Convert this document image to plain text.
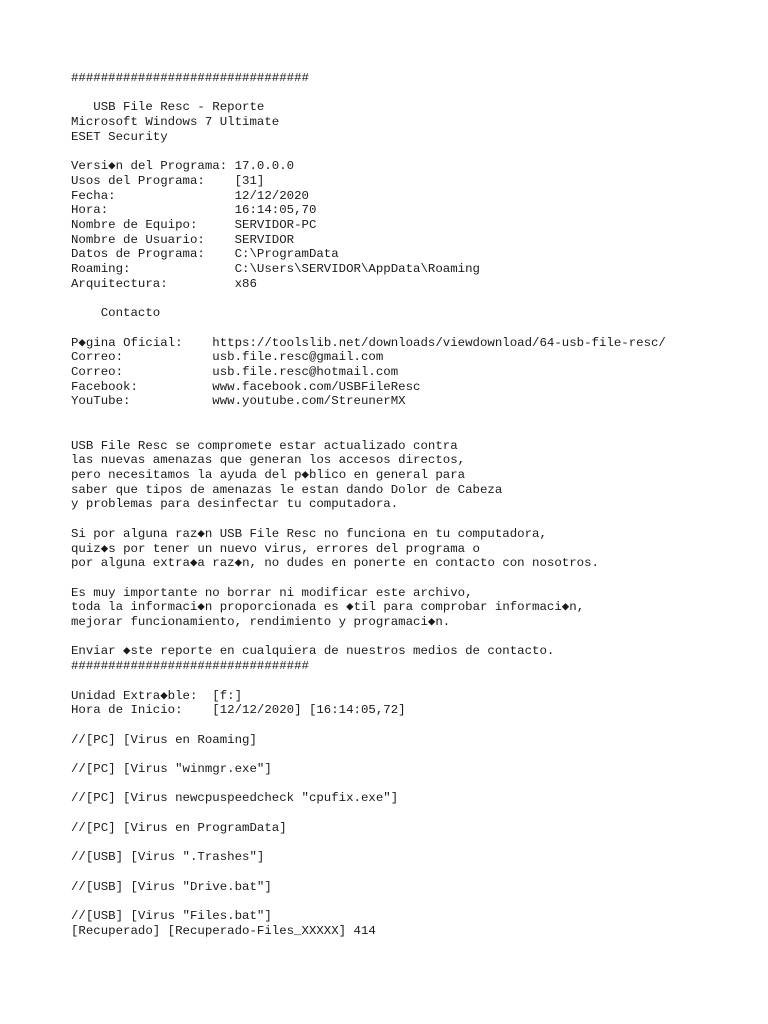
################################

USB File Resc - Reporte
Microsoft Windows 7 Ultimate
ESET Security

Versi◆n del Programa: 17.0.0.0
Usos del Programa:    [31]
Fecha:                12/12/2020
Hora:                 16:14:05,70
Nombre de Equipo:     SERVIDOR-PC
Nombre de Usuario:    SERVIDOR
Datos de Programa:    C:\ProgramData
Roaming:              C:\Users\SERVIDOR\AppData\Roaming
Arquitectura:         x86

Contacto

P◆gina Oficial:    https://toolslib.net/downloads/viewdownload/64-usb-file-resc/
Correo:            usb.file.resc@gmail.com
Correo:            usb.file.resc@hotmail.com
Facebook:          www.facebook.com/USBFileResc
YouTube:           www.youtube.com/StreunerMX

USB File Resc se compromete estar actualizado contra
las nuevas amenazas que generan los accesos directos,
pero necesitamos la ayuda del p◆blico en general para
saber que tipos de amenazas le estan dando Dolor de Cabeza
y problemas para desinfectar tu computadora.

Si por alguna raz◆n USB File Resc no funciona en tu computadora,
quiz◆s por tener un nuevo virus, errores del programa o
por alguna extra◆a raz◆n, no dudes en ponerte en contacto con nosotros.

Es muy importante no borrar ni modificar este archivo,
toda la informaci◆n proporcionada es ◆til para comprobar informaci◆n,
mejorar funcionamiento, rendimiento y programaci◆n.

Enviar ◆ste reporte en cualquiera de nuestros medios de contacto.
################################

Unidad Extra◆ble:  [f:]
Hora de Inicio:    [12/12/2020] [16:14:05,72]

//[PC] [Virus en Roaming]

//[PC] [Virus "winmgr.exe"]

//[PC] [Virus newcpuspeedcheck "cpufix.exe"]

//[PC] [Virus en ProgramData]

//[USB] [Virus ".Trashes"]

//[USB] [Virus "Drive.bat"]

//[USB] [Virus "Files.bat"]
[Recuperado] [Recuperado-Files_XXXXX] 414
